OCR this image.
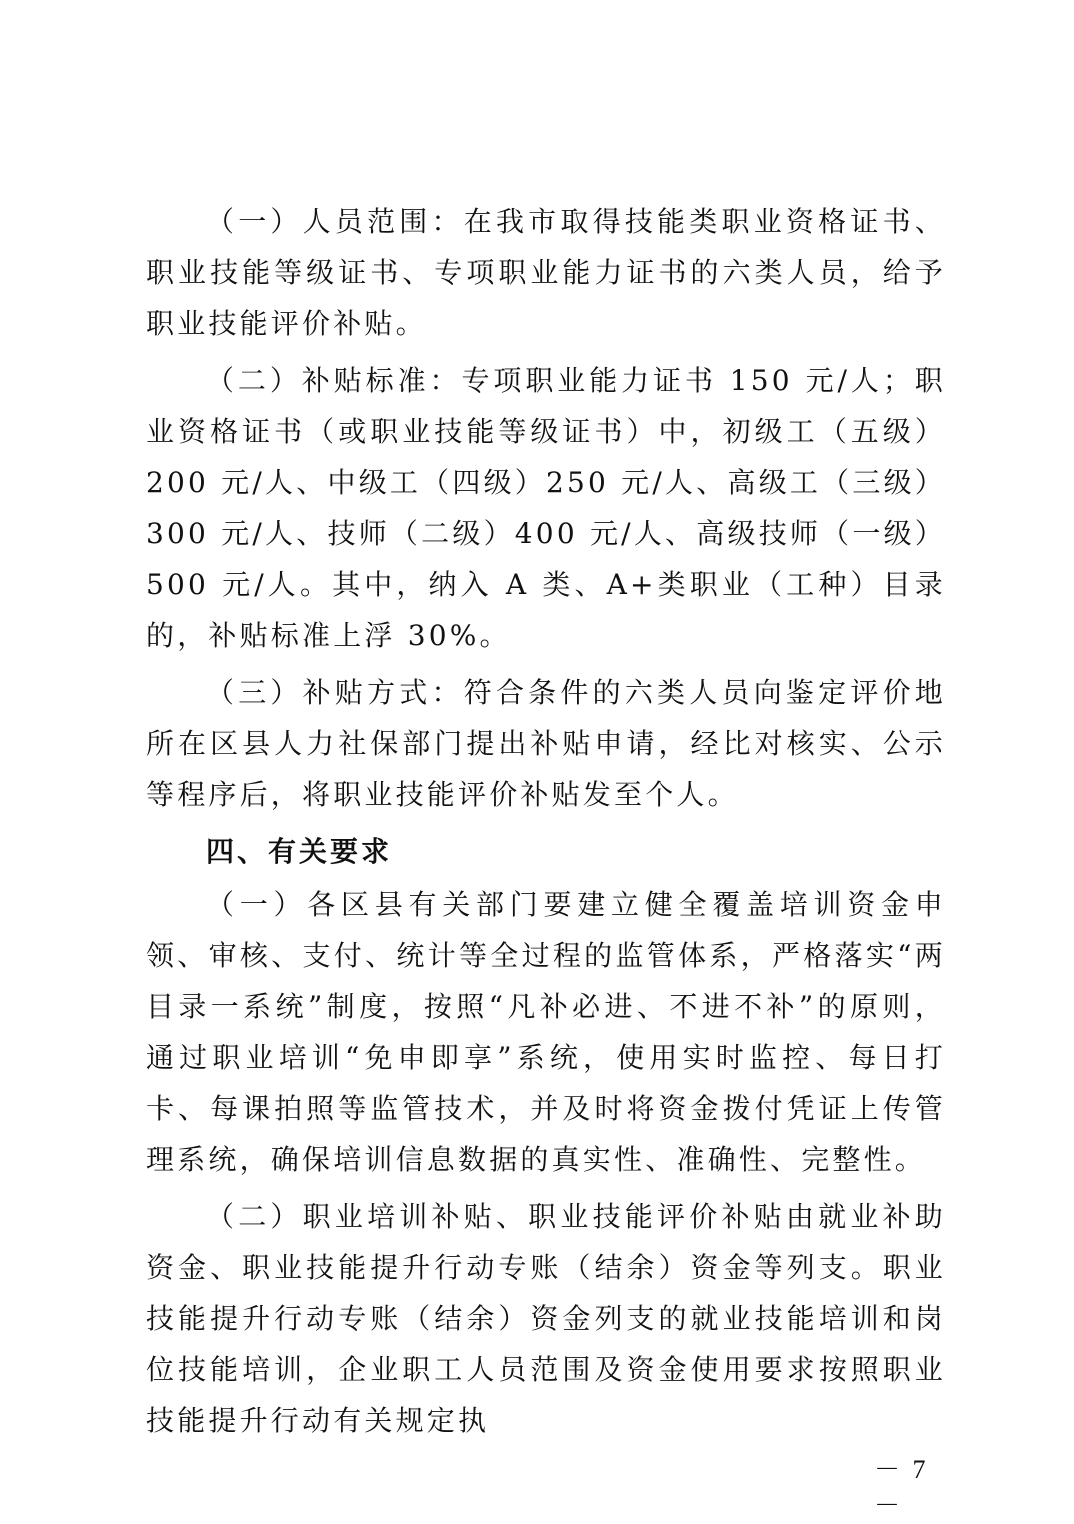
（一）人员范围：在我市取得技能类职业资格证书、职业技能等级证书、专项职业能力证书的六类人员，给予职业技能评价补贴。

（二）补贴标准：专项职业能力证书 150 元/人；职业资格证书（或职业技能等级证书）中，初级工（五级）200 元/人、中级工（四级）250 元/人、高级工（三级）300 元/人、技师（二级）400 元/人、高级技师（一级）500 元/人。其中，纳入 A 类、A+类职业（工种）目录的，补贴标准上浮 30%。

（三）补贴方式：符合条件的六类人员向鉴定评价地所在区县人力社保部门提出补贴申请，经比对核实、公示等程序后，将职业技能评价补贴发至个人。

四、有关要求

（一）各区县有关部门要建立健全覆盖培训资金申领、审核、支付、统计等全过程的监管体系，严格落实“两目录一系统”制度，按照“凡补必进、不进不补”的原则，通过职业培训“免申即享”系统，使用实时监控、每日打卡、每课拍照等监管技术，并及时将资金拨付凭证上传管理系统，确保培训信息数据的真实性、准确性、完整性。

（二）职业培训补贴、职业技能评价补贴由就业补助资金、职业技能提升行动专账（结余）资金等列支。职业技能提升行动专账（结余）资金列支的就业技能培训和岗位技能培训，企业职工人员范围及资金使用要求按照职业技能提升行动有关规定执

－ 7 －
